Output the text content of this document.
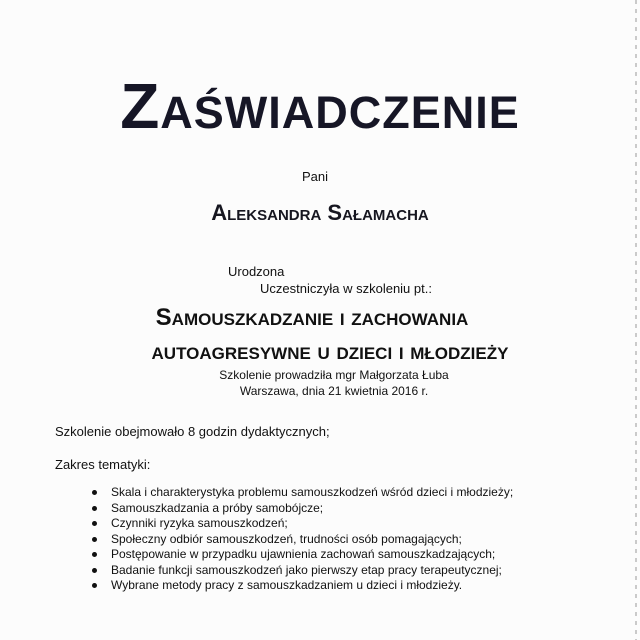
Zaświadczenie
Pani
Aleksandra Sałamacha
Urodzona
Uczestniczyła w szkoleniu pt.:
Samouszkadzanie i zachowania
autoagresywne u dzieci i młodzieży
Szkolenie prowadziła mgr Małgorzata Łuba
Warszawa, dnia 21 kwietnia 2016 r.
Szkolenie obejmowało 8 godzin dydaktycznych;
Zakres tematyki:
Skala i charakterystyka problemu samouszkodzeń wśród dzieci i młodzieży;
Samouszkadzania a próby samobójcze;
Czynniki ryzyka samouszkodzeń;
Społeczny odbiór samouszkodzeń, trudności osób pomagających;
Postępowanie w przypadku ujawnienia zachowań samouszkadzających;
Badanie funkcji samouszkodzeń jako pierwszy etap pracy terapeutycznej;
Wybrane metody pracy z samouszkadzaniem u dzieci i młodzieży.
